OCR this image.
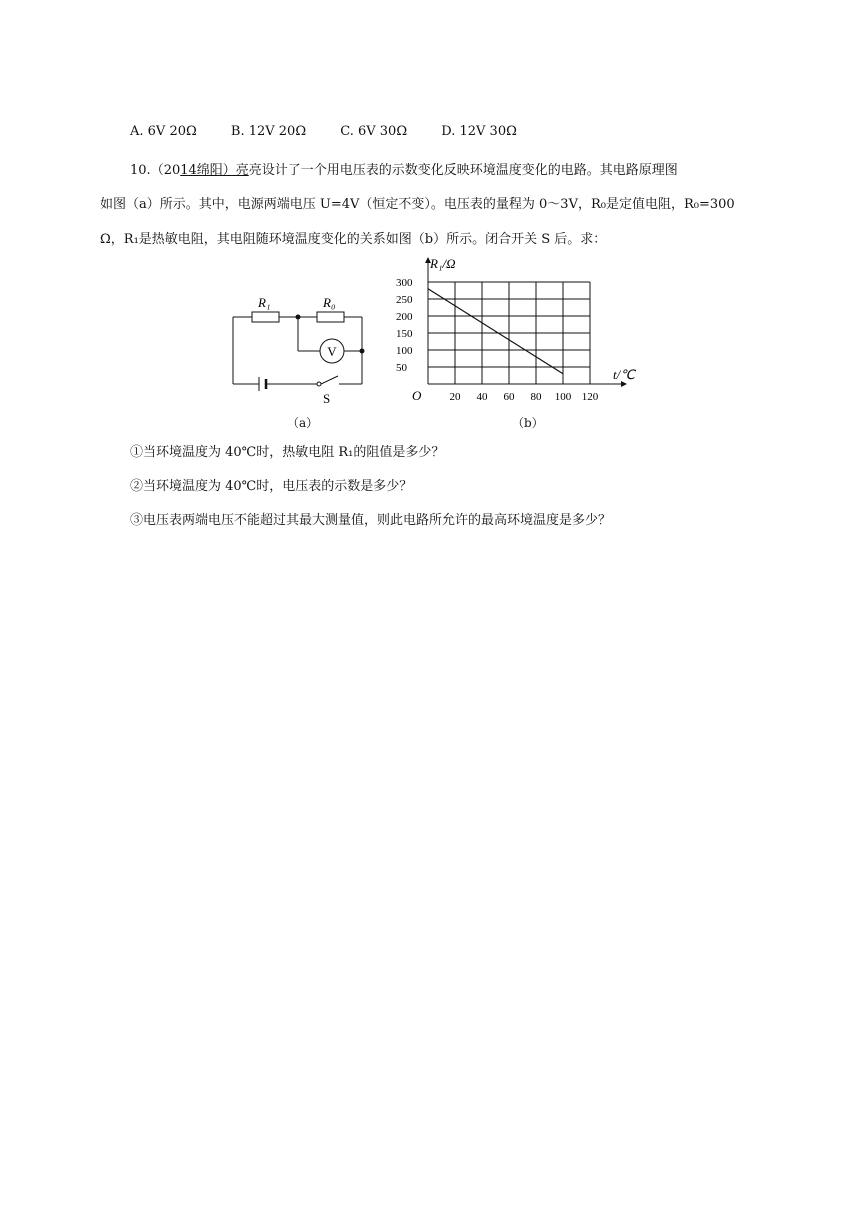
A. 6V 20Ω	B. 12V 20Ω	C. 6V 30Ω	D. 12V 30Ω
10.（2014绵阳）亮亮设计了一个用电压表的示数变化反映环境温度变化的电路。其电路原理图
如图（a）所示。其中，电源两端电压 U=4V（恒定不变）。电压表的量程为 0～3V，R₀是定值电阻，R₀=300
Ω，R₁是热敏电阻，其电阻随环境温度变化的关系如图（b）所示。闭合开关 S 后。求：
R₁	R₀
V
S
（a）
50
100
150
200
250
300
20 40 60 80 100 120
R₁/Ω
t/℃
O
（b）
①当环境温度为 40℃时，热敏电阻 R₁的阻值是多少？
②当环境温度为 40℃时，电压表的示数是多少？
③电压表两端电压不能超过其最大测量值，则此电路所允许的最高环境温度是多少？
